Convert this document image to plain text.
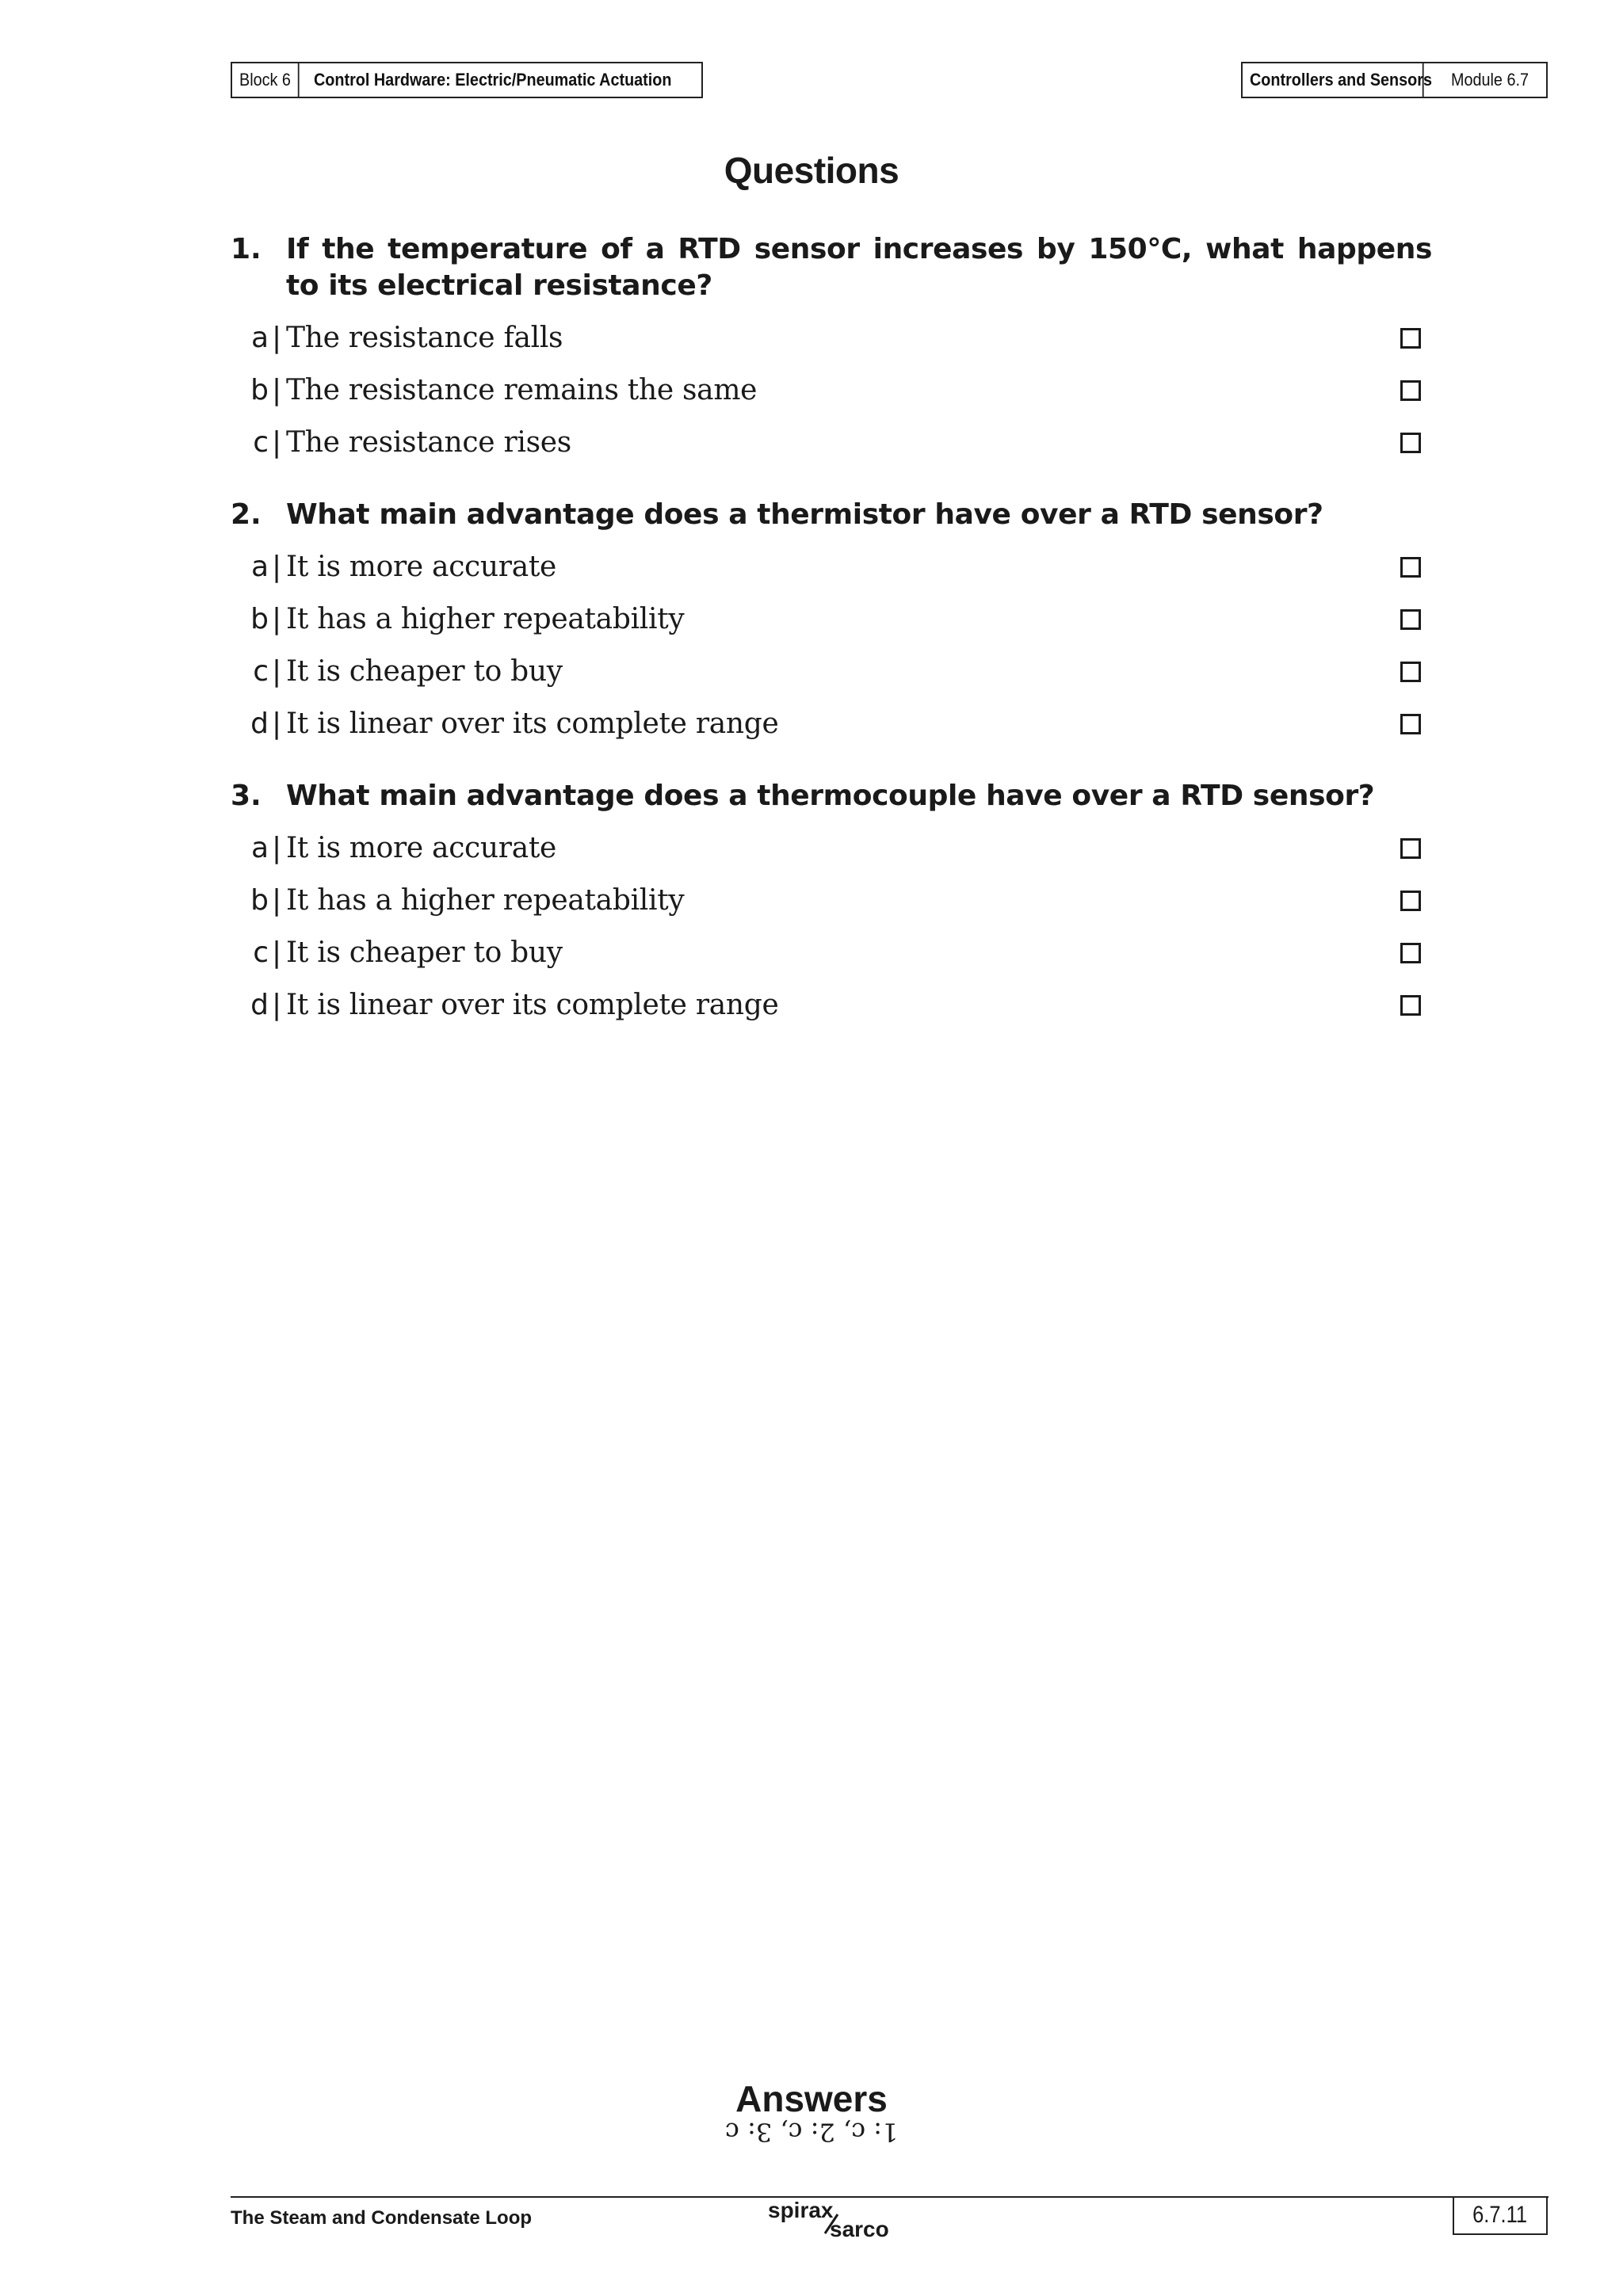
Block 6	Control Hardware: Electric/Pneumatic Actuation	Controllers and Sensors	Module 6.7
Questions
1. If the temperature of a RTD sensor increases by 150°C, what happens to its electrical resistance?
a | The resistance falls
b | The resistance remains the same
c | The resistance rises
2. What main advantage does a thermistor have over a RTD sensor?
a | It is more accurate
b | It has a higher repeatability
c | It is cheaper to buy
d | It is linear over its complete range
3. What main advantage does a thermocouple have over a RTD sensor?
a | It is more accurate
b | It has a higher repeatability
c | It is cheaper to buy
d | It is linear over its complete range
Answers
1: c, 2: c, 3: c
The Steam and Condensate Loop	spirax
sarco
6.7.11
